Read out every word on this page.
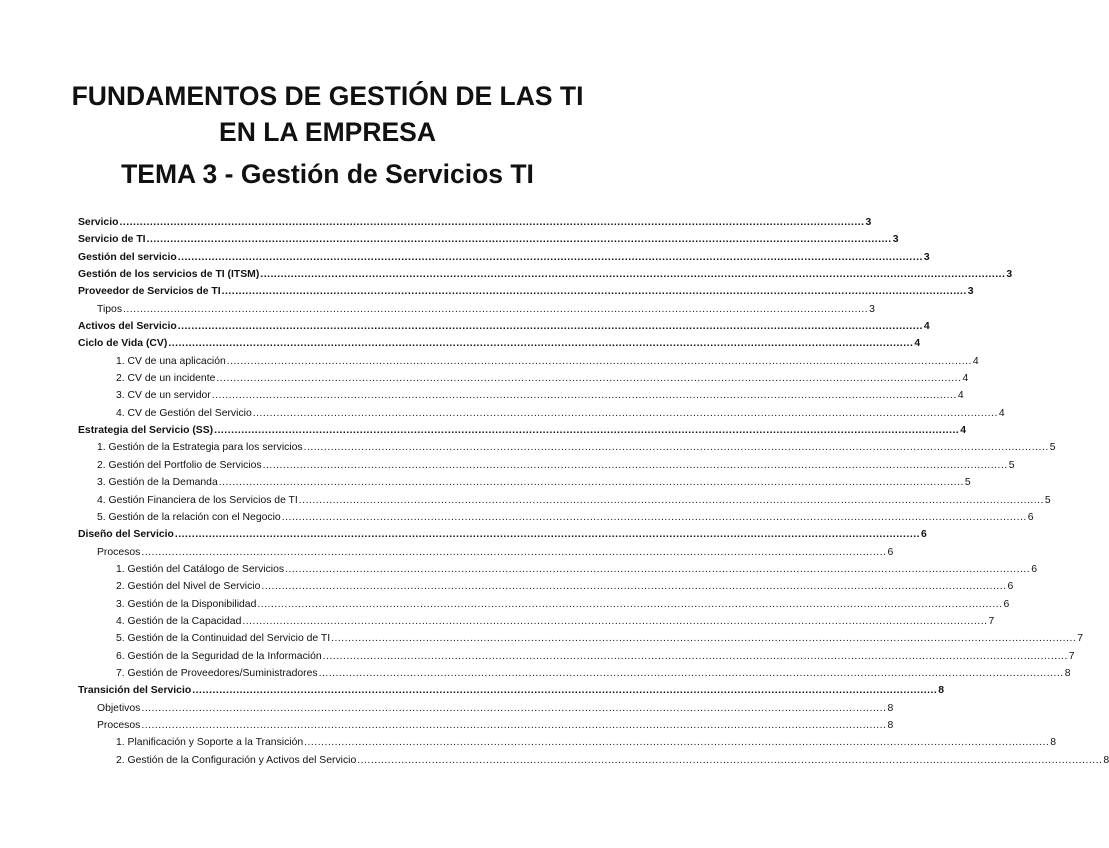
FUNDAMENTOS DE GESTIÓN DE LAS TI
EN LA EMPRESA
TEMA 3 - Gestión de Servicios TI
Servicio ............................................................................................................................................................................................................................ 3
Servicio de TI ............................................................................................................................................................................................................................ 3
Gestión del servicio ............................................................................................................................................................................................................................ 3
Gestión de los servicios de TI (ITSM) ............................................................................................................................................................................................................................ 3
Proveedor de Servicios de TI ............................................................................................................................................................................................................................ 3
Tipos ............................................................................................................................................................................................................................ 3
Activos del Servicio ............................................................................................................................................................................................................................ 4
Ciclo de Vida (CV) ............................................................................................................................................................................................................................ 4
1. CV de una aplicación ............................................................................................................................................................................................................................ 4
2. CV de un incidente ............................................................................................................................................................................................................................ 4
3. CV de un servidor ............................................................................................................................................................................................................................ 4
4. CV de Gestión del Servicio ............................................................................................................................................................................................................................ 4
Estrategia del Servicio (SS) ............................................................................................................................................................................................................................ 4
1. Gestión de la Estrategia para los servicios ............................................................................................................................................................................................................................ 5
2. Gestión del Portfolio de Servicios ............................................................................................................................................................................................................................ 5
3. Gestión de la Demanda ............................................................................................................................................................................................................................ 5
4. Gestión Financiera de los Servicios de TI ............................................................................................................................................................................................................................ 5
5. Gestión de la relación con el Negocio ............................................................................................................................................................................................................................ 6
Diseño del Servicio ............................................................................................................................................................................................................................ 6
Procesos ............................................................................................................................................................................................................................ 6
1. Gestión del Catálogo de Servicios ............................................................................................................................................................................................................................ 6
2. Gestión del Nivel de Servicio ............................................................................................................................................................................................................................ 6
3. Gestión de la Disponibilidad ............................................................................................................................................................................................................................ 6
4. Gestión de la Capacidad ............................................................................................................................................................................................................................ 7
5. Gestión de la Continuidad del Servicio de TI ............................................................................................................................................................................................................................ 7
6. Gestión de la Seguridad de la Información ............................................................................................................................................................................................................................ 7
7. Gestión de Proveedores/Suministradores ............................................................................................................................................................................................................................ 8
Transición del Servicio ............................................................................................................................................................................................................................ 8
Objetivos ............................................................................................................................................................................................................................ 8
Procesos ............................................................................................................................................................................................................................ 8
1. Planificación y Soporte a la Transición ............................................................................................................................................................................................................................ 8
2. Gestión de la Configuración y Activos del Servicio ............................................................................................................................................................................................................................ 8
